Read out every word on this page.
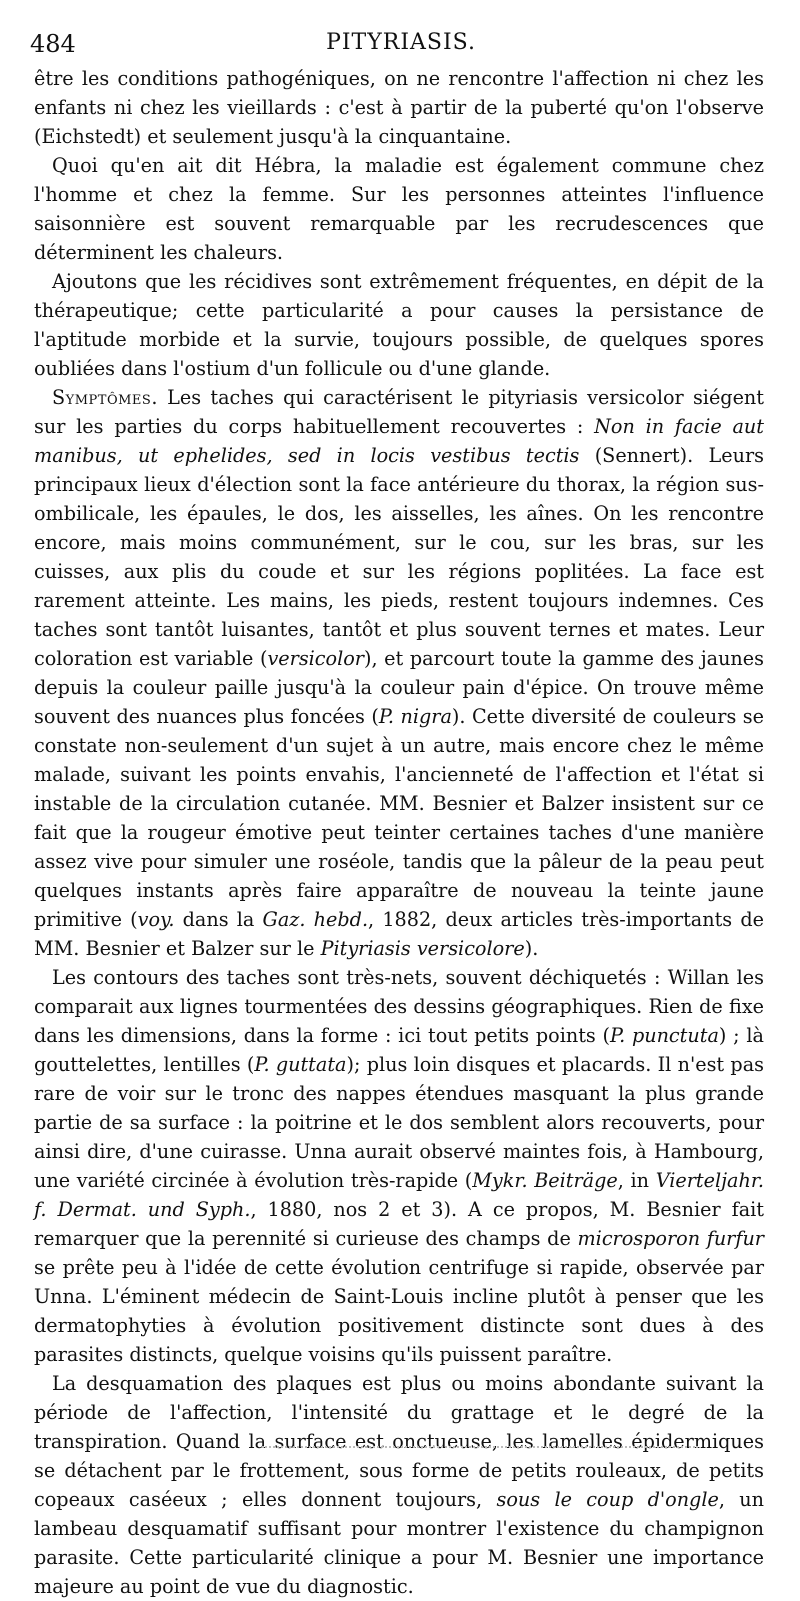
484	PITYRIASIS.

être les conditions pathogéniques, on ne rencontre l'affection ni chez les enfants ni chez les vieillards : c'est à partir de la puberté qu'on l'observe (Eichstedt) et seulement jusqu'à la cinquantaine.

Quoi qu'en ait dit Hébra, la maladie est également commune chez l'homme et chez la femme. Sur les personnes atteintes l'influence saisonnière est souvent remarquable par les recrudescences que déterminent les chaleurs.

Ajoutons que les récidives sont extrêmement fréquentes, en dépit de la thérapeutique; cette particularité a pour causes la persistance de l'aptitude morbide et la survie, toujours possible, de quelques spores oubliées dans l'ostium d'un follicule ou d'une glande.

Symptômes. Les taches qui caractérisent le pityriasis versicolor siégent sur les parties du corps habituellement recouvertes : Non in facie aut manibus, ut ephelides, sed in locis vestibus tectis (Sennert). Leurs principaux lieux d'élection sont la face antérieure du thorax, la région sus-ombilicale, les épaules, le dos, les aisselles, les aînes. On les rencontre encore, mais moins communément, sur le cou, sur les bras, sur les cuisses, aux plis du coude et sur les régions poplitées. La face est rarement atteinte. Les mains, les pieds, restent toujours indemnes. Ces taches sont tantôt luisantes, tantôt et plus souvent ternes et mates. Leur coloration est variable (versicolor), et parcourt toute la gamme des jaunes depuis la couleur paille jusqu'à la couleur pain d'épice. On trouve même souvent des nuances plus foncées (P. nigra). Cette diversité de couleurs se constate non-seulement d'un sujet à un autre, mais encore chez le même malade, suivant les points envahis, l'ancienneté de l'affection et l'état si instable de la circulation cutanée. MM. Besnier et Balzer insistent sur ce fait que la rougeur émotive peut teinter certaines taches d'une manière assez vive pour simuler une roséole, tandis que la pâleur de la peau peut quelques instants après faire apparaître de nouveau la teinte jaune primitive (voy. dans la Gaz. hebd., 1882, deux articles très-importants de MM. Besnier et Balzer sur le Pityriasis versicolore).

Les contours des taches sont très-nets, souvent déchiquetés : Willan les comparait aux lignes tourmentées des dessins géographiques. Rien de fixe dans les dimensions, dans la forme : ici tout petits points (P. punctuta) ; là gouttelettes, lentilles (P. guttata); plus loin disques et placards. Il n'est pas rare de voir sur le tronc des nappes étendues masquant la plus grande partie de sa surface : la poitrine et le dos semblent alors recouverts, pour ainsi dire, d'une cuirasse. Unna aurait observé maintes fois, à Hambourg, une variété circinée à évolution très-rapide (Mykr. Beiträge, in Vierteljahr. f. Dermat. und Syph., 1880, nos 2 et 3). A ce propos, M. Besnier fait remarquer que la perennité si curieuse des champs de microsporon furfur se prête peu à l'idée de cette évolution centrifuge si rapide, observée par Unna. L'éminent médecin de Saint-Louis incline plutôt à penser que les dermatophyties à évolution positivement distincte sont dues à des parasites distincts, quelque voisins qu'ils puissent paraître.

La desquamation des plaques est plus ou moins abondante suivant la période de l'affection, l'intensité du grattage et le degré de la transpiration. Quand la surface est onctueuse, les lamelles épidermiques se détachent par le frottement, sous forme de petits rouleaux, de petits copeaux caséeux ; elles donnent toujours, sous le coup d'ongle, un lambeau desquamatif suffisant pour montrer l'existence du champignon parasite. Cette particularité clinique a pour M. Besnier une importance majeure au point de vue du diagnostic.
